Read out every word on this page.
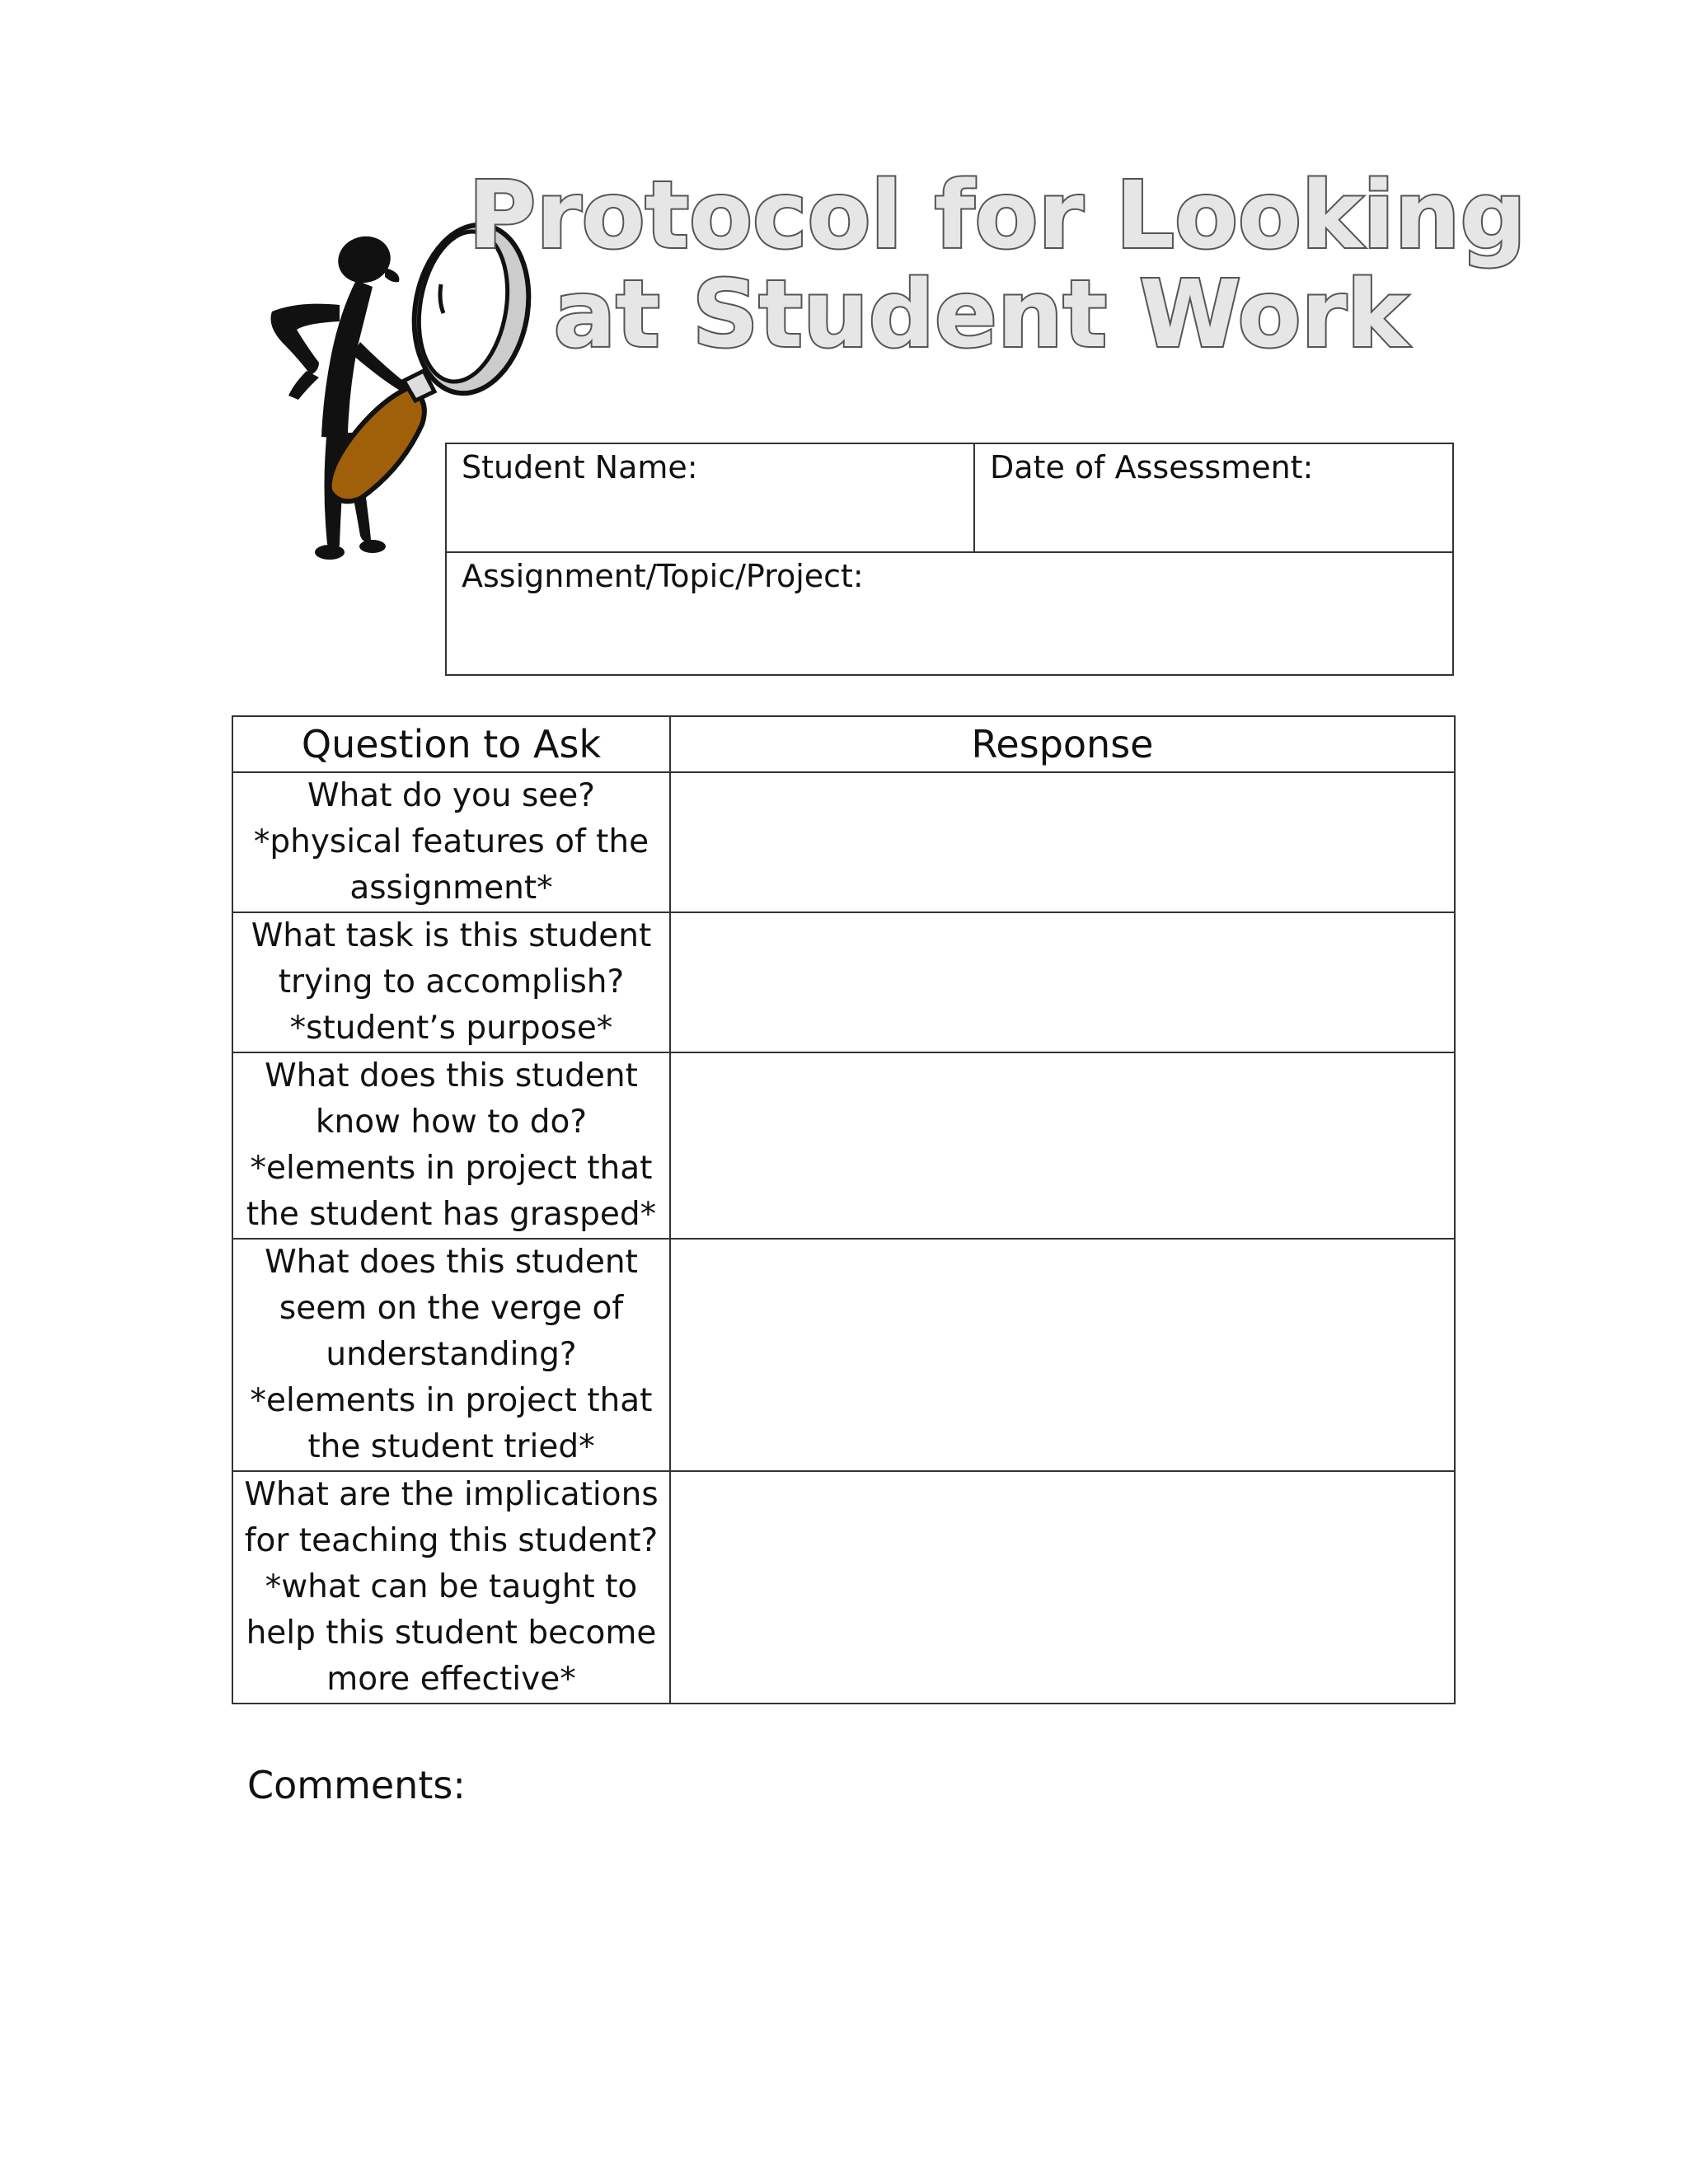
Protocol for Looking
at Student Work
Student Name:	Date of Assessment:
Assignment/Topic/Project:
Question to Ask	Response

What do you see?
*physical features of the
assignment*	

What task is this student
trying to accomplish?
*student’s purpose*	

What does this student
know how to do?
*elements in project that
the student has grasped*	

What does this student
seem on the verge of
understanding?
*elements in project that
the student tried*	

What are the implications
for teaching this student?
*what can be taught to
help this student become
more effective*	

Comments:
